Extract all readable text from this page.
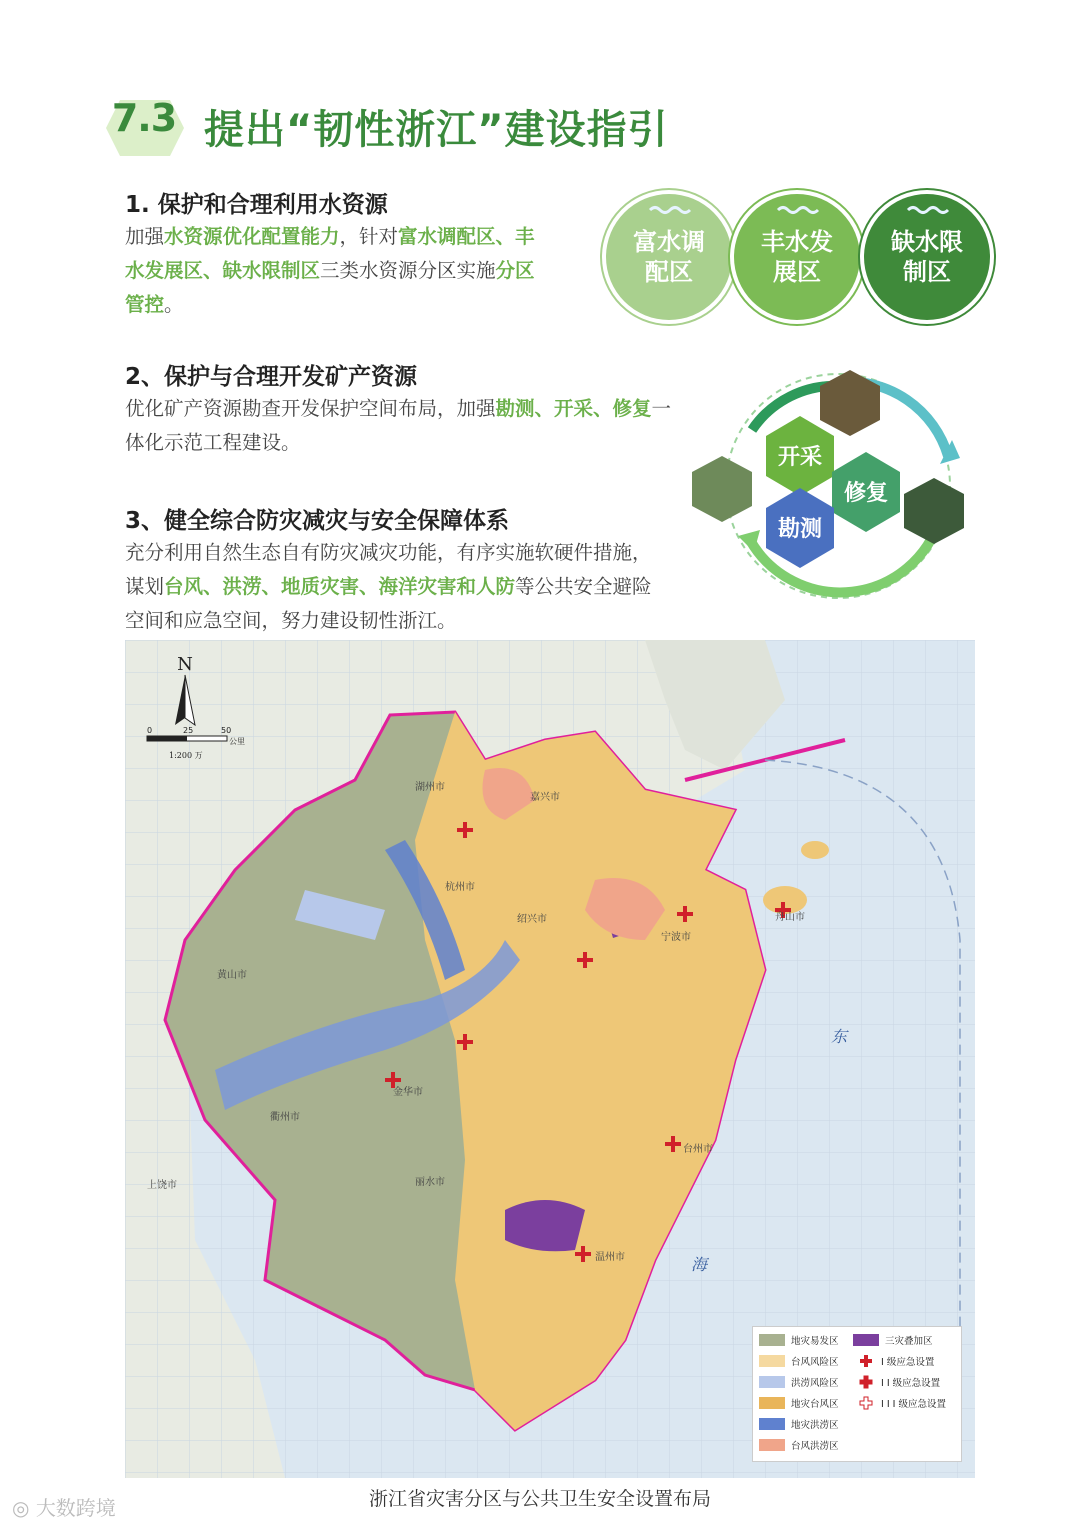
7.3 提出“韧性浙江”建设指引
1. 保护和合理利用水资源
加强水资源优化配置能力，针对富水调配区、丰水发展区、缺水限制区三类水资源分区实施分区管控。
富水调配区
丰水发展区
缺水限制区
2、保护与合理开发矿产资源
优化矿产资源勘查开发保护空间布局，加强勘测、开采、修复一体化示范工程建设。
开采
修复
勘测
3、健全综合防灾减灾与安全保障体系
充分利用自然生态自有防灾减灾功能，有序实施软硬件措施，谋划台风、洪涝、地质灾害、海洋灾害和人防等公共安全避险空间和应急空间，努力建设韧性浙江。
N
0	25	50
公里
1:200 万
湖州市
嘉兴市
杭州市
绍兴市
宁波市
舟山市
衢州市
金华市
台州市
丽水市
温州市
黄山市
上饶市
东
海
地灾易发区
台风风险区
洪涝风险区
地灾台风区
地灾洪涝区
台风洪涝区
三灾叠加区
I 级应急设置
I I 级应急设置
I I I 级应急设置
浙江省灾害分区与公共卫生安全设置布局
◎ 大数跨境
